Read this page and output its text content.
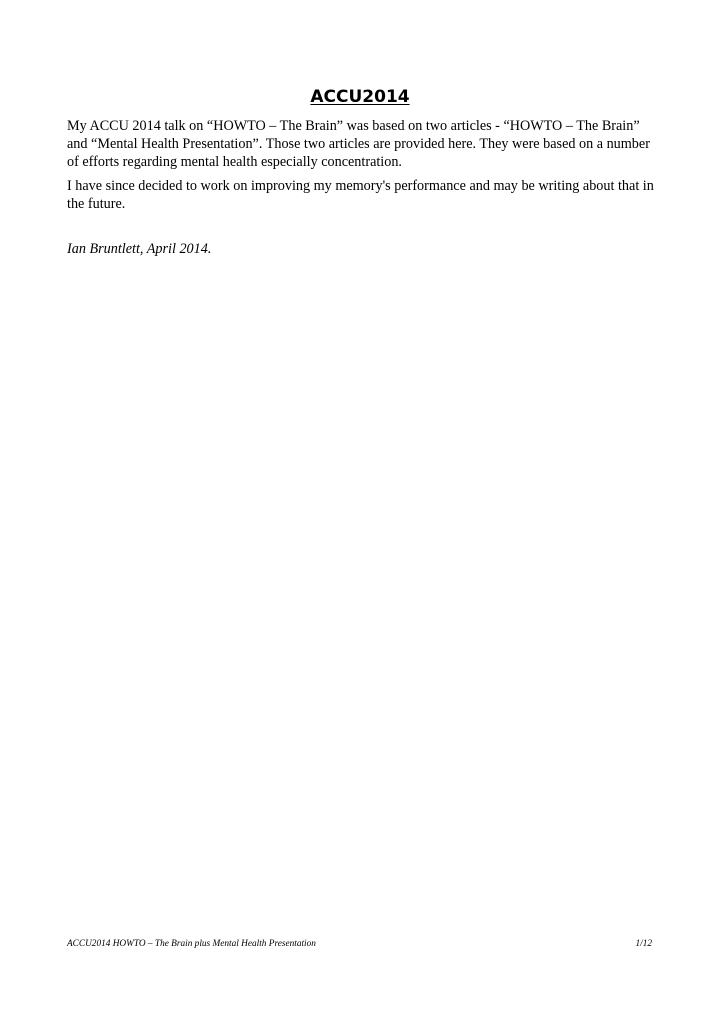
ACCU2014

My ACCU 2014 talk on “HOWTO – The Brain” was based on two articles - “HOWTO – The Brain” and “Mental Health Presentation”. Those two articles are provided here. They were based on a number of efforts regarding mental health especially concentration.

I have since decided to work on improving my memory's performance and may be writing about that in the future.

Ian Bruntlett, April 2014.

ACCU2014 HOWTO – The Brain plus Mental Health Presentation	1/12
